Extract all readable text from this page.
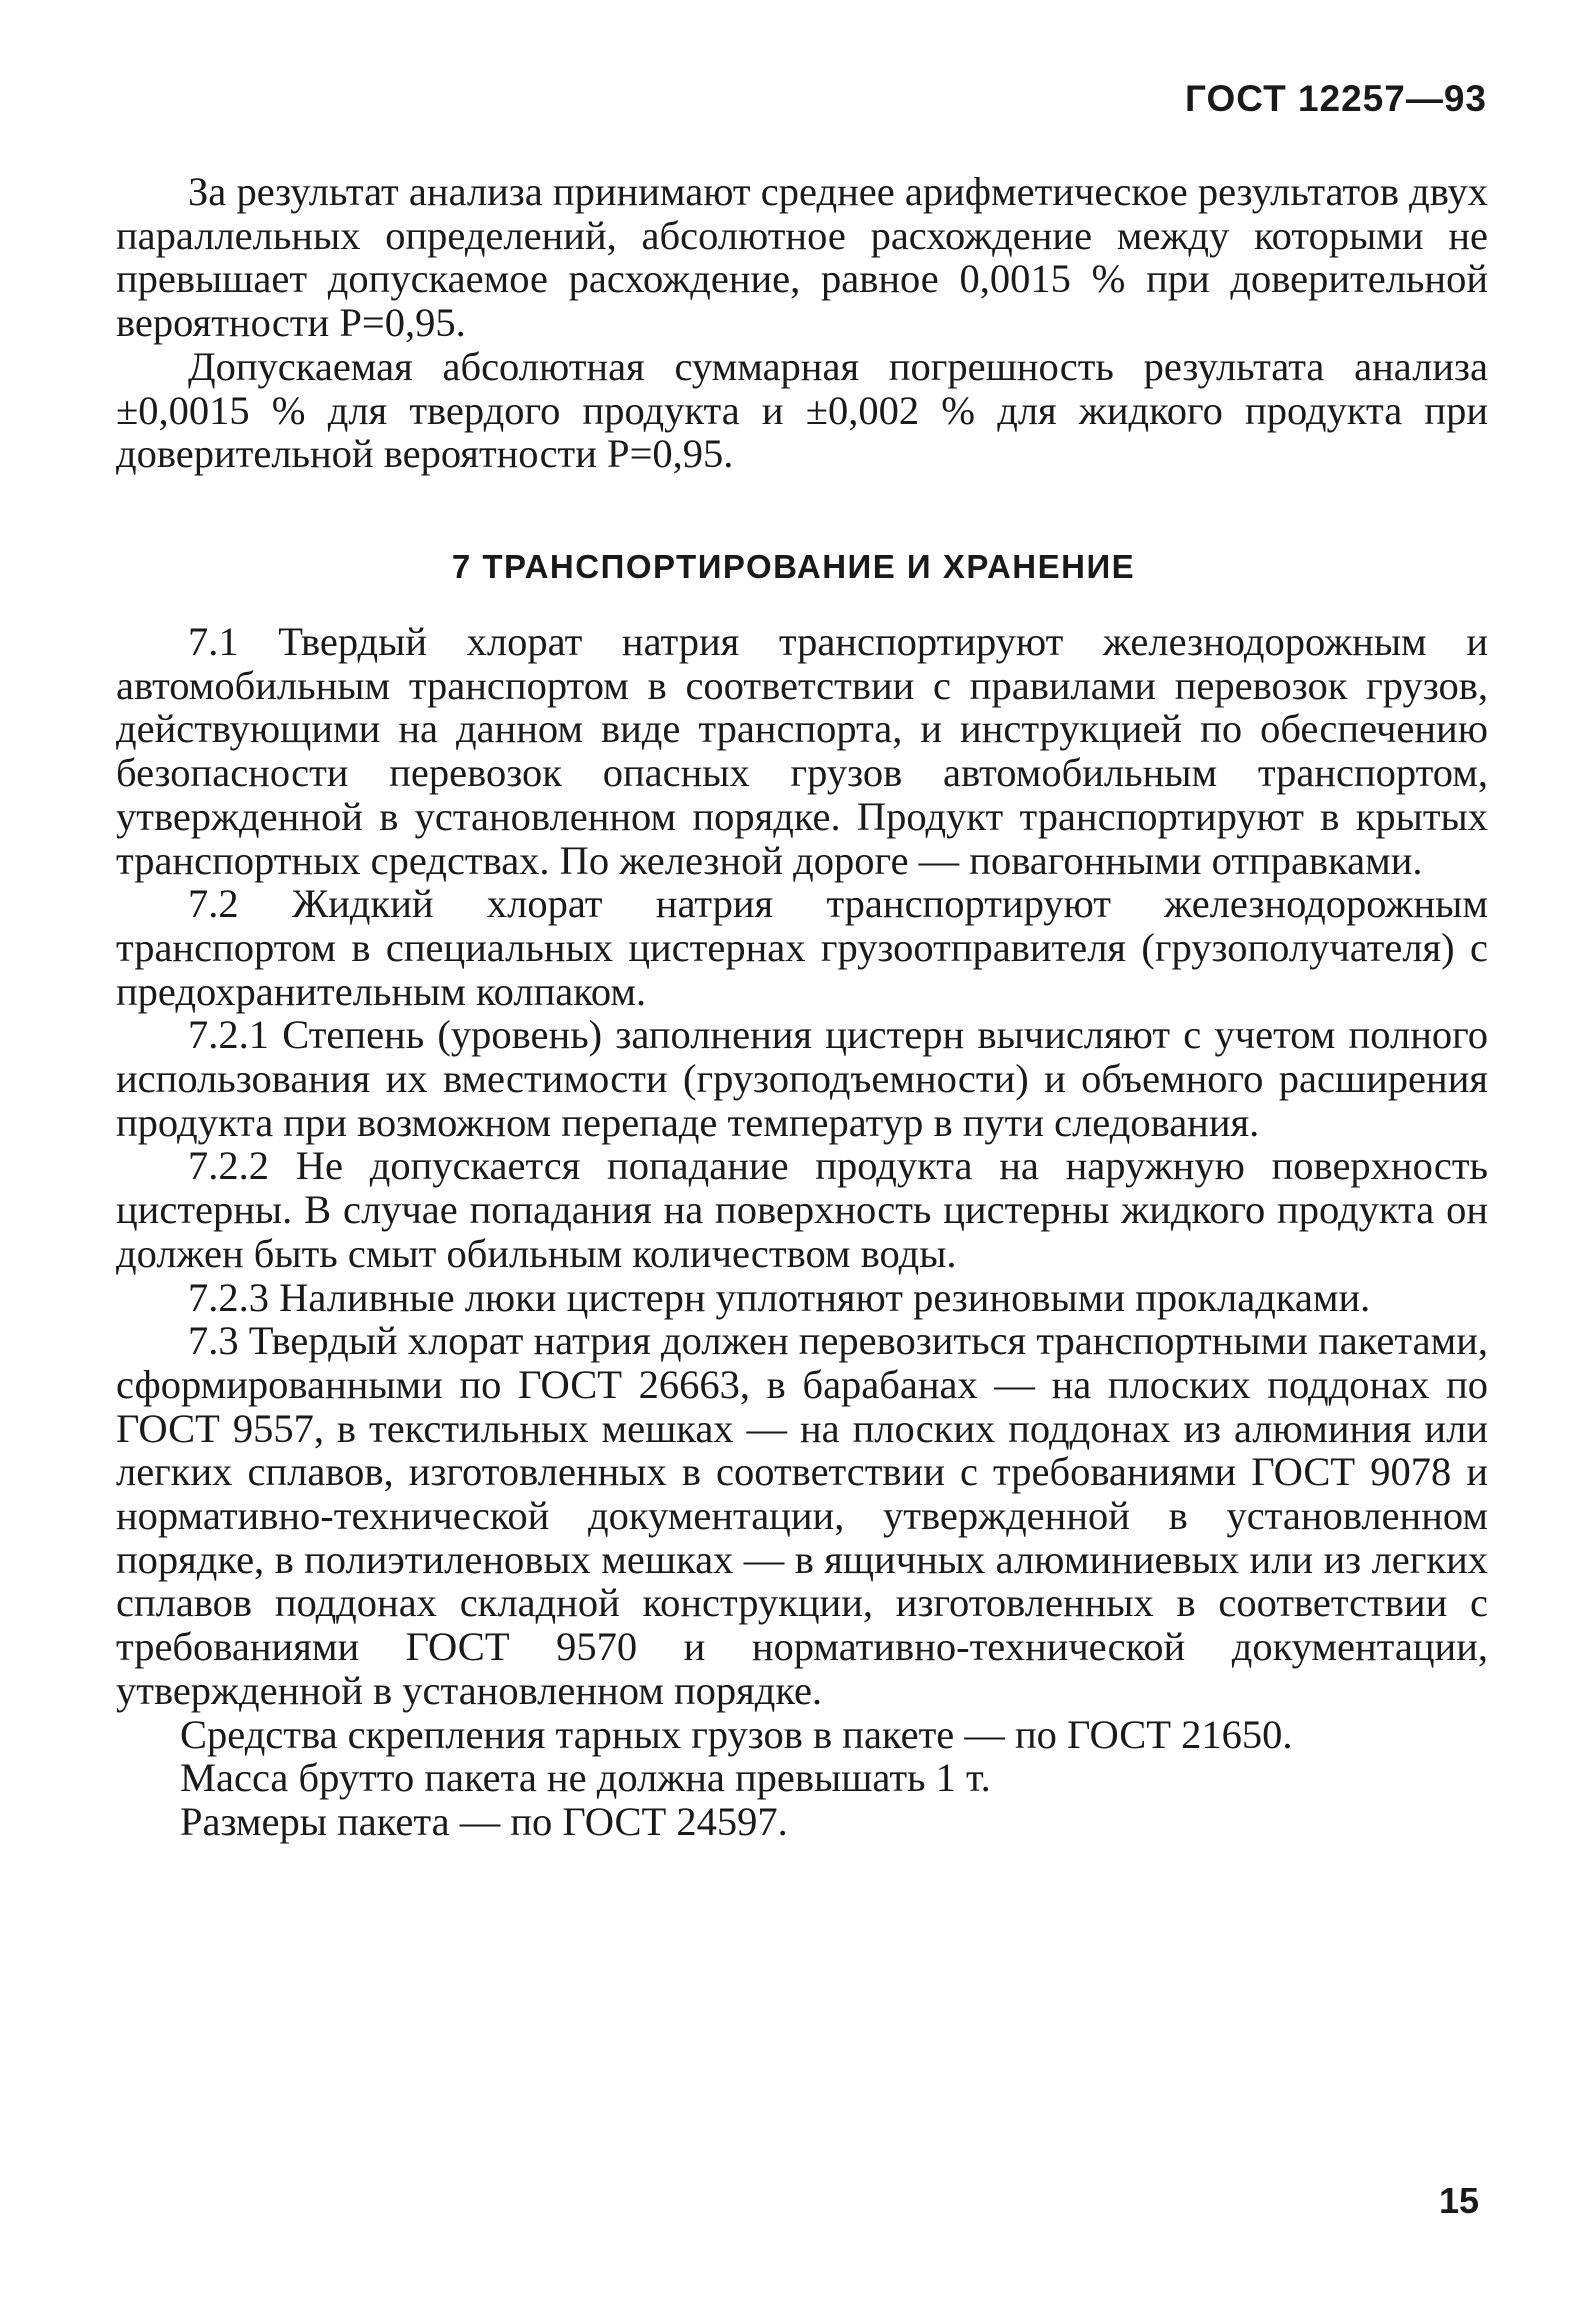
ГОСТ 12257—93

За результат анализа принимают среднее арифметическое результатов двух параллельных определений, абсолютное расхождение между которыми не превышает допускаемое расхождение, равное 0,0015 % при доверительной вероятности Р=0,95.

Допускаемая абсолютная суммарная погрешность результата анализа ±0,0015 % для твердого продукта и ±0,002 % для жидкого продукта при доверительной вероятности Р=0,95.

7 ТРАНСПОРТИРОВАНИЕ И ХРАНЕНИЕ

7.1 Твердый хлорат натрия транспортируют железнодорожным и автомобильным транспортом в соответствии с правилами перевозок грузов, действующими на данном виде транспорта, и инструкцией по обеспечению безопасности перевозок опасных грузов автомобильным транспортом, утвержденной в установленном порядке. Продукт транспортируют в крытых транспортных средствах. По железной дороге — повагонными отправками.

7.2 Жидкий хлорат натрия транспортируют железнодорожным транспортом в специальных цистернах грузоотправителя (грузополучателя) с предохранительным колпаком.

7.2.1 Степень (уровень) заполнения цистерн вычисляют с учетом полного использования их вместимости (грузоподъемности) и объемного расширения продукта при возможном перепаде температур в пути следования.

7.2.2 Не допускается попадание продукта на наружную поверхность цистерны. В случае попадания на поверхность цистерны жидкого продукта он должен быть смыт обильным количеством воды.

7.2.3 Наливные люки цистерн уплотняют резиновыми прокладками.

7.3 Твердый хлорат натрия должен перевозиться транспортными пакетами, сформированными по ГОСТ 26663, в барабанах — на плоских поддонах по ГОСТ 9557, в текстильных мешках — на плоских поддонах из алюминия или легких сплавов, изготовленных в соответствии с требованиями ГОСТ 9078 и нормативно-технической документации, утвержденной в установленном порядке, в полиэтиленовых мешках — в ящичных алюминиевых или из легких сплавов поддонах складной конструкции, изготовленных в соответствии с требованиями ГОСТ 9570 и нормативно-технической документации, утвержденной в установленном порядке.

Средства скрепления тарных грузов в пакете — по ГОСТ 21650.

Масса брутто пакета не должна превышать 1 т.

Размеры пакета — по ГОСТ 24597.

15
